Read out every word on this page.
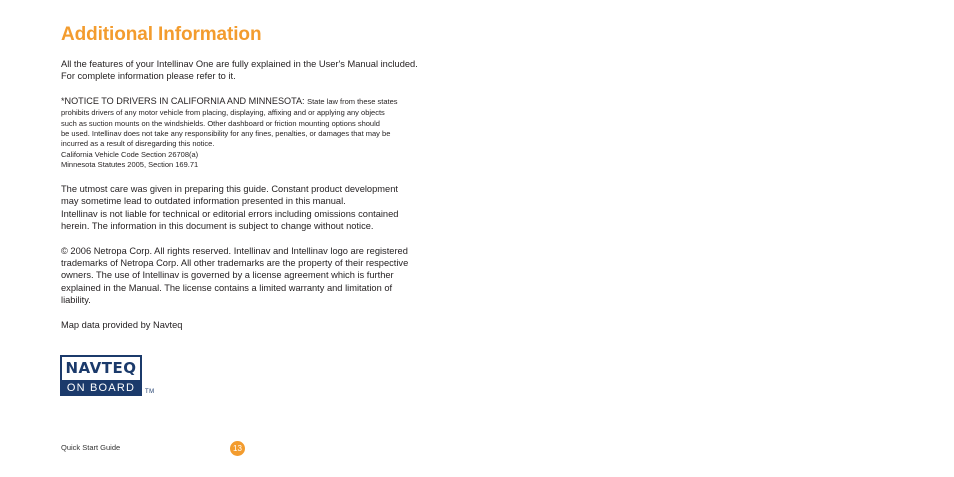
Additional Information

All the features of your Intellinav One are fully explained in the User's Manual included.
For complete information please refer to it.

*NOTICE TO DRIVERS IN CALIFORNIA AND MINNESOTA: State law from these states
prohibits drivers of any motor vehicle from placing, displaying, affixing and or applying any objects
such as suction mounts on the windshields. Other dashboard or friction mounting options should
be used. Intellinav does not take any responsibility for any fines, penalties, or damages that may be
incurred as a result of disregarding this notice.
California Vehicle Code Section 26708(a)
Minnesota Statutes 2005, Section 169.71

The utmost care was given in preparing this guide. Constant product development
may sometime lead to outdated information presented in this manual.
Intellinav is not liable for technical or editorial errors including omissions contained
herein. The information in this document is subject to change without notice.

© 2006 Netropa Corp. All rights reserved. Intellinav and Intellinav logo are registered
trademarks of Netropa Corp. All other trademarks are the property of their respective
owners. The use of Intellinav is governed by a license agreement which is further
explained in the Manual. The license contains a limited warranty and limitation of
liability.

Map data provided by Navteq

NAVTEQ
ON BOARD	TM
Quick Start Guide	13
